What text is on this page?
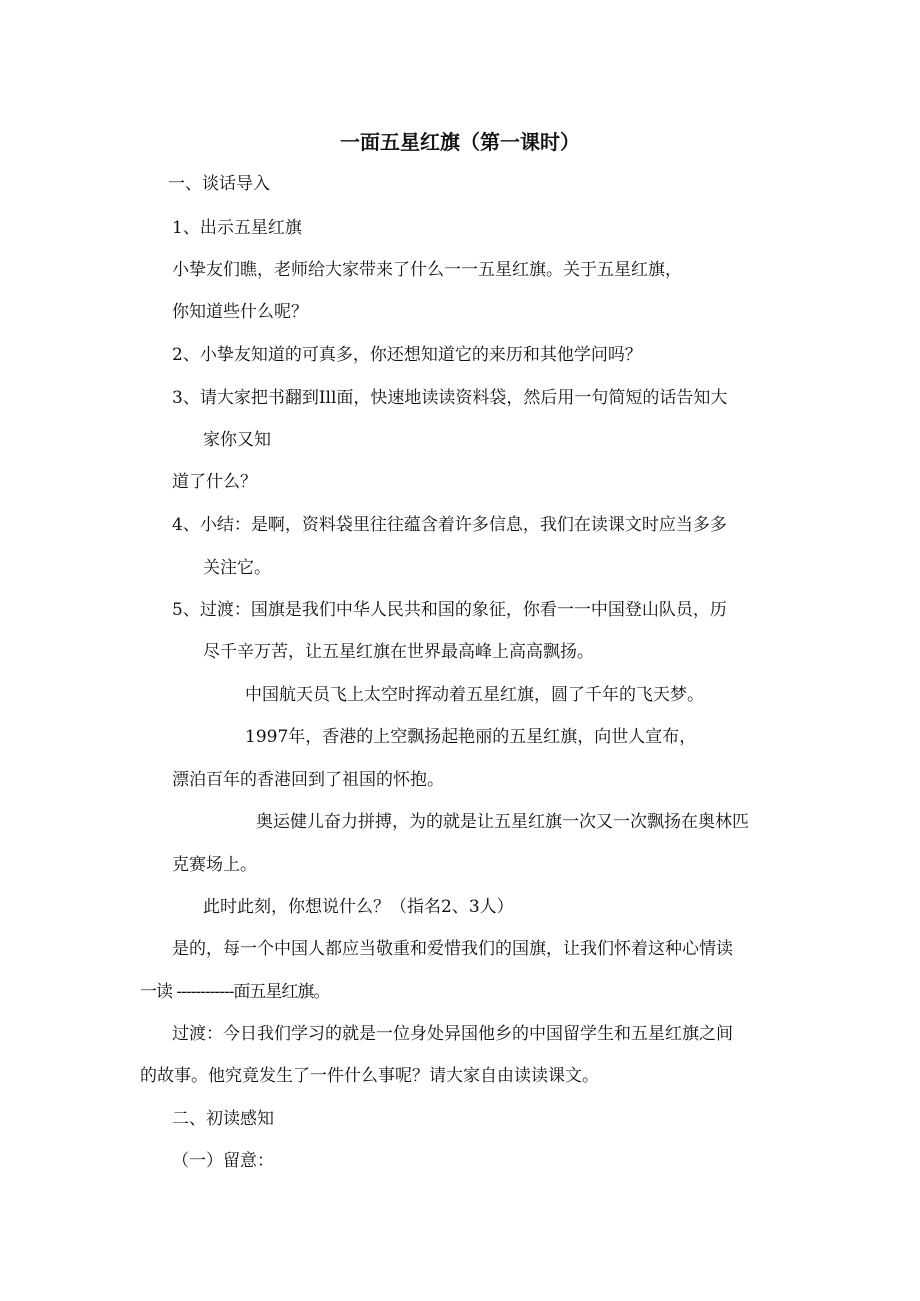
一面五星红旗（第一课时）

一、谈话导入

1、出示五星红旗

小挚友们瞧，老师给大家带来了什么一一五星红旗。关于五星红旗，

你知道些什么呢？

2、小挚友知道的可真多，你还想知道它的来历和其他学问吗？

3、请大家把书翻到Ill面，快速地读读资料袋，然后用一句简短的话告知大

家你又知

道了什么？

4、小结：是啊，资料袋里往往蕴含着许多信息，我们在读课文时应当多多

关注它。

5、过渡：国旗是我们中华人民共和国的象征，你看一一中国登山队员，历

尽千辛万苦，让五星红旗在世界最高峰上高高飘扬。

中国航天员飞上太空时挥动着五星红旗，圆了千年的飞天梦。

1997年，香港的上空飘扬起艳丽的五星红旗，向世人宣布，

漂泊百年的香港回到了祖国的怀抱。

奥运健儿奋力拼搏，为的就是让五星红旗一次又一次飘扬在奥林匹

克赛场上。

此时此刻，你想说什么？（指名2、3人）

是的，每一个中国人都应当敬重和爱惜我们的国旗，让我们怀着这种心情读

一读 ------------面五星红旗。

过渡：今日我们学习的就是一位身处异国他乡的中国留学生和五星红旗之间

的故事。他究竟发生了一件什么事呢？请大家自由读读课文。

二、初读感知

（一）留意：
